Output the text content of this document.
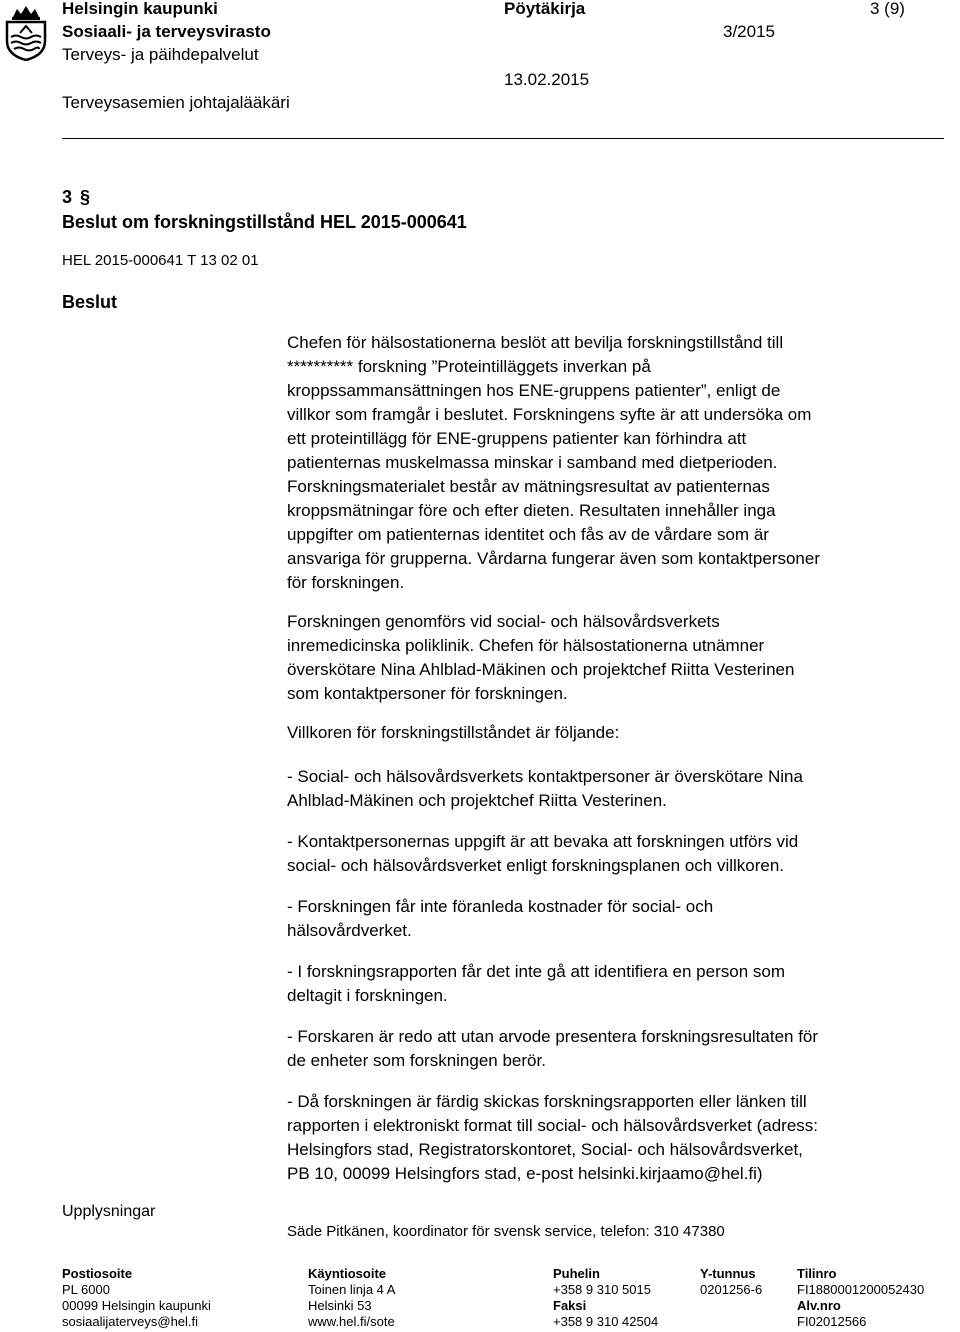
Helsingin kaupunki
Sosiaali- ja terveysvirasto
Terveys- ja päihdepalvelut
Terveysasemien johtajalääkäri
Pöytäkirja
3/2015
13.02.2015
3 (9)
3 §
Beslut om forskningstillstånd HEL 2015-000641
HEL 2015-000641 T 13 02 01
Beslut
Chefen för hälsostationerna beslöt att bevilja forskningstillstånd till
********** forskning ”Proteintilläggets inverkan på
kroppssammansättningen hos ENE-gruppens patienter”, enligt de
villkor som framgår i beslutet. Forskningens syfte är att undersöka om
ett proteintillägg för ENE-gruppens patienter kan förhindra att
patienternas muskelmassa minskar i samband med dietperioden.
Forskningsmaterialet består av mätningsresultat av patienternas
kroppsmätningar före och efter dieten. Resultaten innehåller inga
uppgifter om patienternas identitet och fås av de vårdare som är
ansvariga för grupperna. Vårdarna fungerar även som kontaktpersoner
för forskningen.
Forskningen genomförs vid social- och hälsovårdsverkets
inremedicinska poliklinik. Chefen för hälsostationerna utnämner
överskötare Nina Ahlblad-Mäkinen och projektchef Riitta Vesterinen
som kontaktpersoner för forskningen.
Villkoren för forskningstillståndet är följande:
- Social- och hälsovårdsverkets kontaktpersoner är överskötare Nina
Ahlblad-Mäkinen och projektchef Riitta Vesterinen.
- Kontaktpersonernas uppgift är att bevaka att forskningen utförs vid
social- och hälsovårdsverket enligt forskningsplanen och villkoren.
- Forskningen får inte föranleda kostnader för social- och
hälsovårdverket.
- I forskningsrapporten får det inte gå att identifiera en person som
deltagit i forskningen.
- Forskaren är redo att utan arvode presentera forskningsresultaten för
de enheter som forskningen berör.
- Då forskningen är färdig skickas forskningsrapporten eller länken till
rapporten i elektroniskt format till social- och hälsovårdsverket (adress:
Helsingfors stad, Registratorskontoret, Social- och hälsovårdsverket,
PB 10, 00099 Helsingfors stad, e-post helsinki.kirjaamo@hel.fi)
Upplysningar
Säde Pitkänen, koordinator för svensk service, telefon: 310 47380
Postiosoite
PL 6000
00099 Helsingin kaupunki
sosiaalijaterveys@hel.fi
Käyntiosoite
Toinen linja 4 A
Helsinki 53
www.hel.fi/sote
Puhelin
+358 9 310 5015
Faksi
+358 9 310 42504
Y-tunnus
0201256-6
Tilinro
FI1880001200052430
Alv.nro
FI02012566
